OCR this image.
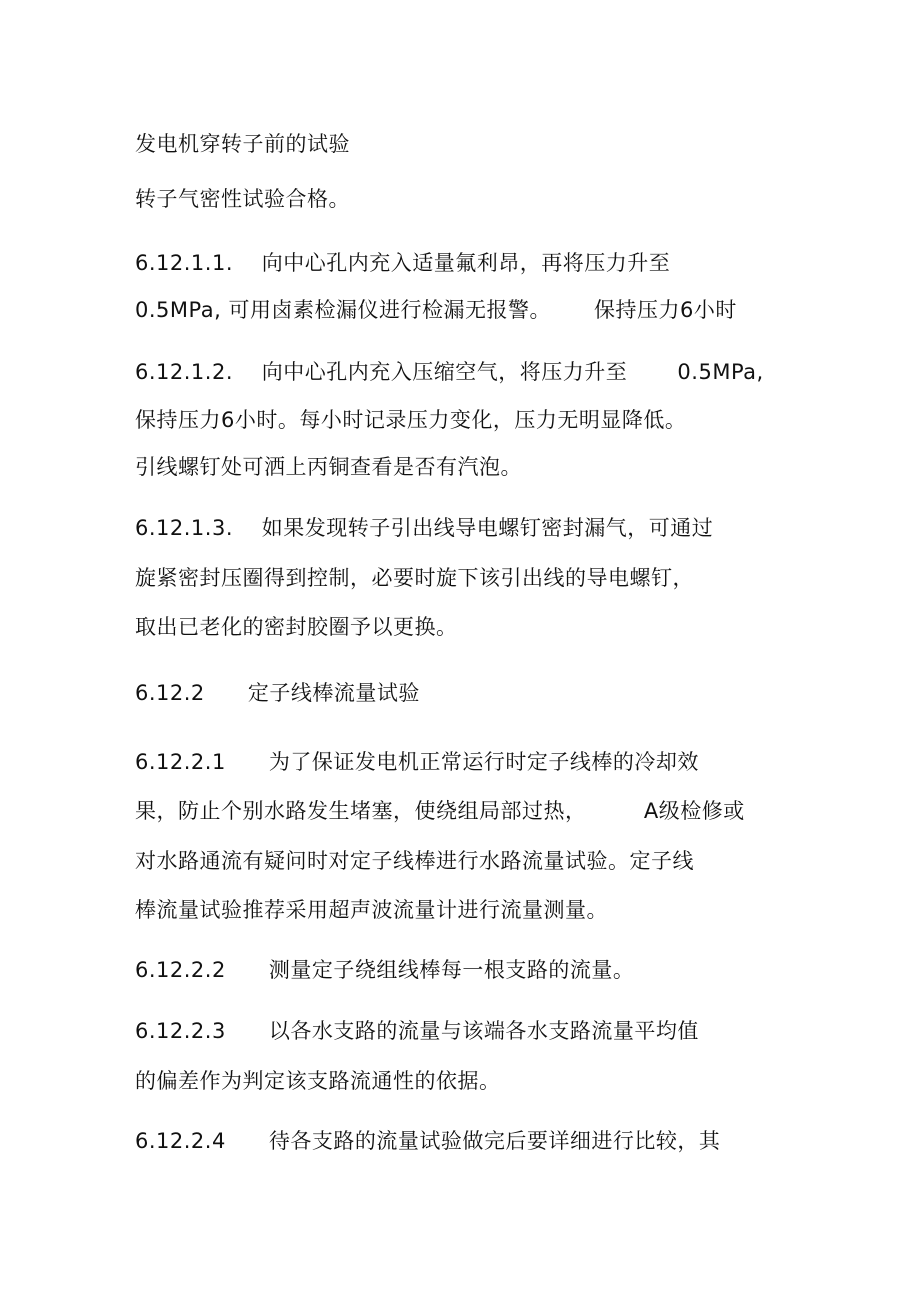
发电机穿转子前的试验
转子气密性试验合格。
6.12.1.1.    向中心孔内充入适量氟利昂，再将压力升至
0.5MPa, 可用卤素检漏仪进行检漏无报警。      保持压力6小时
6.12.1.2.    向中心孔内充入压缩空气，将压力升至       0.5MPa,
保持压力6小时。每小时记录压力变化，压力无明显降低。
引线螺钉处可洒上丙铜查看是否有汽泡。
6.12.1.3.    如果发现转子引出线导电螺钉密封漏气，可通过
旋紧密封压圈得到控制，必要时旋下该引出线的导电螺钉，
取出已老化的密封胶圈予以更换。
6.12.2      定子线棒流量试验
6.12.2.1      为了保证发电机正常运行时定子线棒的冷却效
果，防止个别水路发生堵塞，使绕组局部过热，        A级检修或
对水路通流有疑问时对定子线棒进行水路流量试验。定子线
棒流量试验推荐采用超声波流量计进行流量测量。
6.12.2.2      测量定子绕组线棒每一根支路的流量。
6.12.2.3      以各水支路的流量与该端各水支路流量平均值
的偏差作为判定该支路流通性的依据。
6.12.2.4      待各支路的流量试验做完后要详细进行比较，其
